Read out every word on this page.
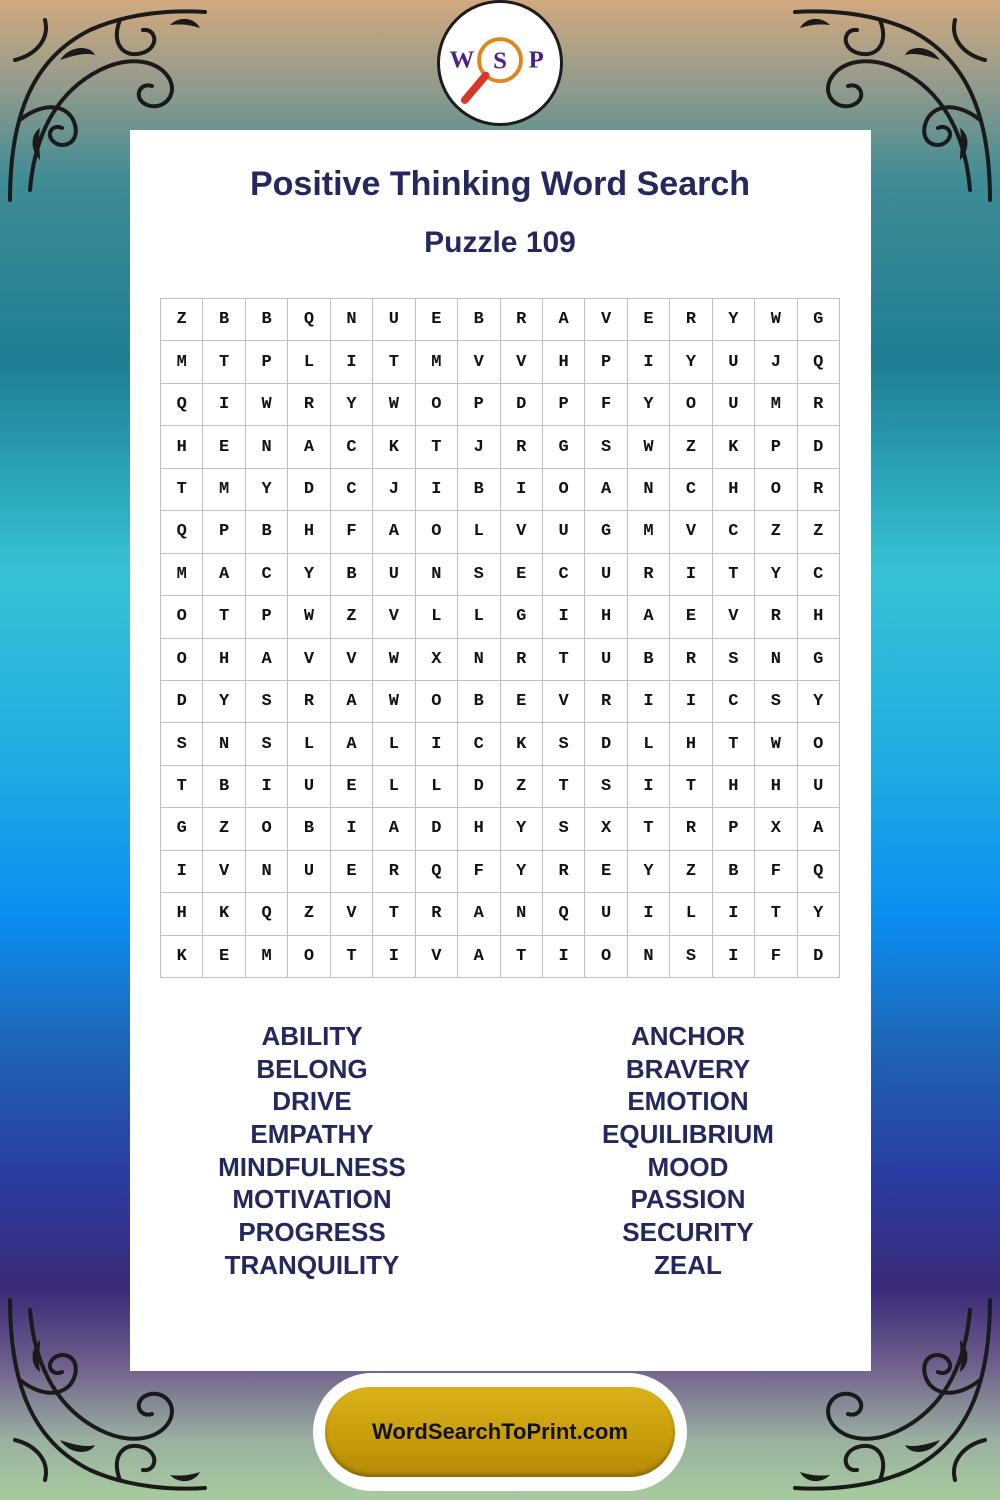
W S P
Positive Thinking Word Search
Puzzle 109
Z	B	B	Q	N	U	E	B	R	A	V	E	R	Y	W	G
M	T	P	L	I	T	M	V	V	H	P	I	Y	U	J	Q
Q	I	W	R	Y	W	O	P	D	P	F	Y	O	U	M	R
H	E	N	A	C	K	T	J	R	G	S	W	Z	K	P	D
T	M	Y	D	C	J	I	B	I	O	A	N	C	H	O	R
Q	P	B	H	F	A	O	L	V	U	G	M	V	C	Z	Z
M	A	C	Y	B	U	N	S	E	C	U	R	I	T	Y	C
O	T	P	W	Z	V	L	L	G	I	H	A	E	V	R	H
O	H	A	V	V	W	X	N	R	T	U	B	R	S	N	G
D	Y	S	R	A	W	O	B	E	V	R	I	I	C	S	Y
S	N	S	L	A	L	I	C	K	S	D	L	H	T	W	O
T	B	I	U	E	L	L	D	Z	T	S	I	T	H	H	U
G	Z	O	B	I	A	D	H	Y	S	X	T	R	P	X	A
I	V	N	U	E	R	Q	F	Y	R	E	Y	Z	B	F	Q
H	K	Q	Z	V	T	R	A	N	Q	U	I	L	I	T	Y
K	E	M	O	T	I	V	A	T	I	O	N	S	I	F	D
ABILITY
BELONG
DRIVE
EMPATHY
MINDFULNESS
MOTIVATION
PROGRESS
TRANQUILITY
ANCHOR
BRAVERY
EMOTION
EQUILIBRIUM
MOOD
PASSION
SECURITY
ZEAL
WordSearchToPrint.com
